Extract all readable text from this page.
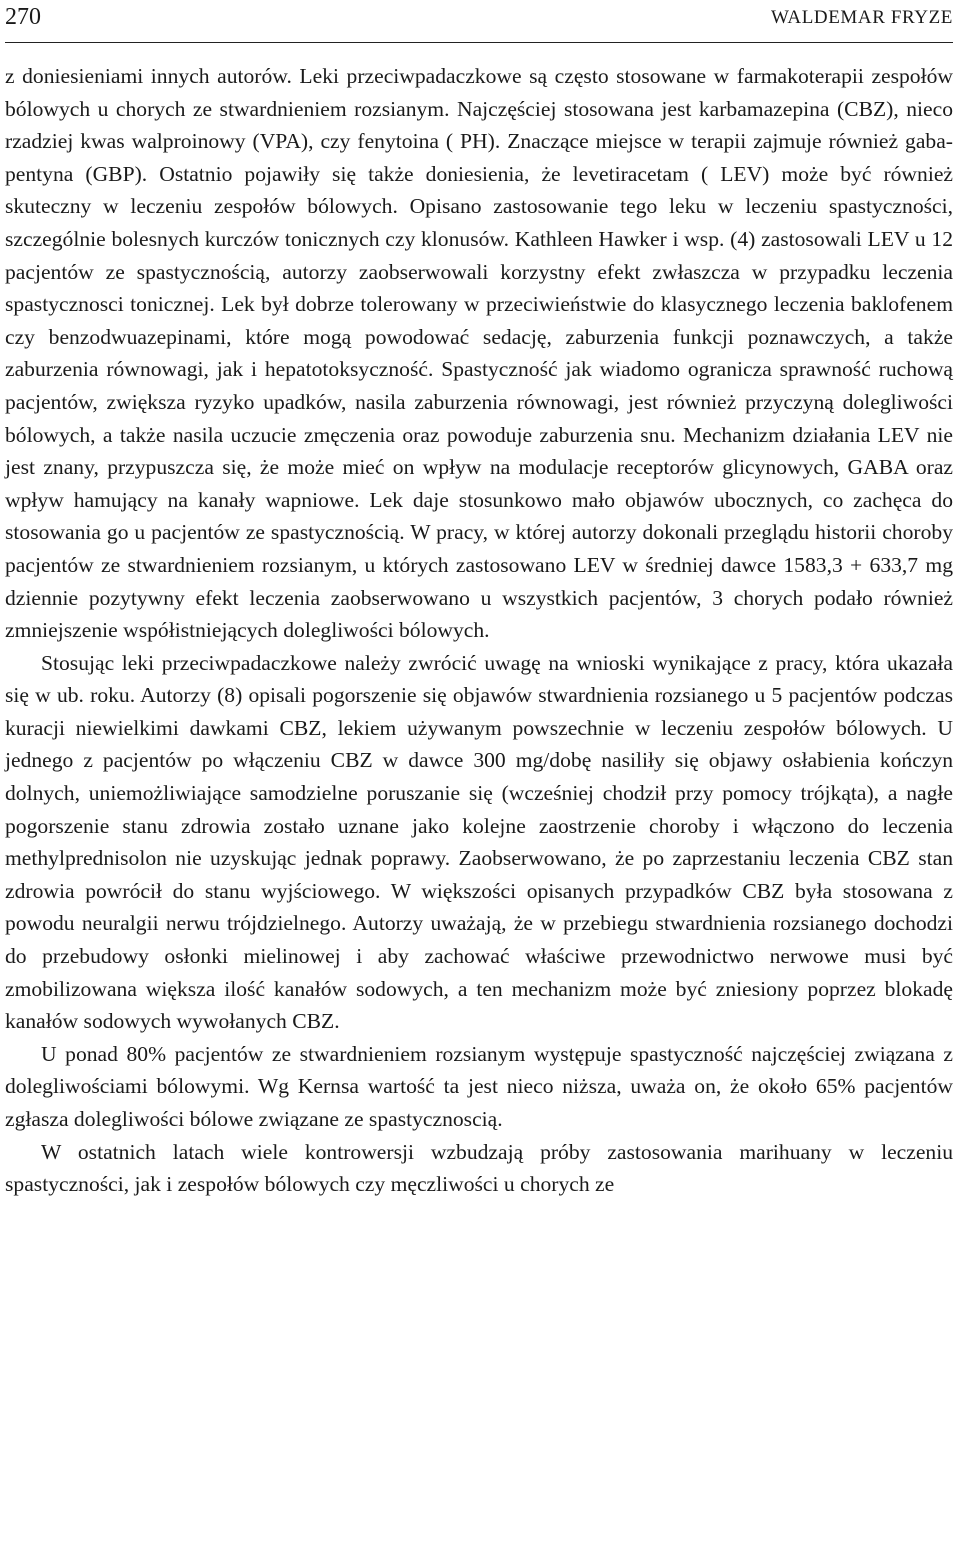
270	WALDEMAR FRYZE

z doniesieniami innych autorów. Leki przeciwpadaczkowe są często stosowane w farmakoterapii zespołów bólowych u chorych ze stwardnieniem rozsianym. Najczęściej stosowana jest karbamazepina (CBZ), nieco rzadziej kwas walproinowy (VPA), czy fenytoina ( PH). Znaczące miejsce w terapii zajmuje również gabapentyna (GBP). Ostatnio pojawiły się także doniesienia, że levetiracetam ( LEV) może być również skuteczny w leczeniu zespołów bólowych. Opisano zastosowanie tego leku w leczeniu spastyczności, szczególnie bolesnych kurczów tonicznych czy klonusów. Kathleen Hawker i wsp. (4) zastosowali LEV u 12 pacjentów ze spastycznością, autorzy zaobserwowali korzystny efekt zwłaszcza w przypadku leczenia spastycznosci tonicznej. Lek był dobrze tolerowany w przeciwieństwie do klasycznego leczenia baklofenem czy benzodwuazepinami, które mogą powodować sedację, zaburzenia funkcji poznawczych, a także zaburzenia równowagi, jak i hepatotoksyczność. Spastyczność jak wiadomo ogranicza sprawność ruchową pacjentów, zwiększa ryzyko upadków, nasila zaburzenia równowagi, jest również przyczyną dolegliwości bólowych, a także nasila uczucie zmęczenia oraz powoduje zaburzenia snu. Mechanizm działania LEV nie jest znany, przypuszcza się, że może mieć on wpływ na modulacje receptorów glicynowych, GABA oraz wpływ hamujący na kanały wapniowe. Lek daje stosunkowo mało objawów ubocznych, co zachęca do stosowania go u pacjentów ze spastycznością. W pracy, w której autorzy dokonali przeglądu historii choroby pacjentów ze stwardnieniem rozsianym, u których zastosowano LEV w średniej dawce 1583,3 + 633,7 mg dziennie pozytywny efekt leczenia zaobserwowano u wszystkich pacjentów, 3 chorych podało również zmniejszenie współistniejących dolegliwości bólowych.

Stosując leki przeciwpadaczkowe należy zwrócić uwagę na wnioski wynikające z pracy, która ukazała się w ub. roku. Autorzy (8) opisali pogorszenie się objawów stwardnienia rozsianego u 5 pacjentów podczas kuracji niewielkimi dawkami CBZ, lekiem używanym powszechnie w leczeniu zespołów bólowych. U jednego z pacjentów po włączeniu CBZ w dawce 300 mg/dobę nasiliły się objawy osłabienia kończyn dolnych, uniemożliwiające samodzielne poruszanie się (wcześniej chodził przy pomocy trójkąta), a nagłe pogorszenie stanu zdrowia zostało uznane jako kolejne zaostrzenie choroby i włączono do leczenia methylprednisolon nie uzyskując jednak poprawy. Zaobserwowano, że po zaprzestaniu leczenia CBZ stan zdrowia powrócił do stanu wyjściowego. W większości opisanych przypadków CBZ była stosowana z powodu neuralgii nerwu trójdzielnego. Autorzy uważają, że w przebiegu stwardnienia rozsianego dochodzi do przebudowy osłonki mielinowej i aby zachować właściwe przewodnictwo nerwowe musi być zmobilizowana większa ilość kanałów sodowych, a ten mechanizm może być zniesiony poprzez blokadę kanałów sodowych wywołanych CBZ.

U ponad 80% pacjentów ze stwardnieniem rozsianym występuje spastyczność najczęściej związana z dolegliwościami bólowymi. Wg Kernsa wartość ta jest nieco niższa, uważa on, że około 65% pacjentów zgłasza dolegliwości bólowe związane ze spastycznoscią.

W ostatnich latach wiele kontrowersji wzbudzają próby zastosowania marihuany w leczeniu spastyczności, jak i zespołów bólowych czy męczliwości u chorych ze
